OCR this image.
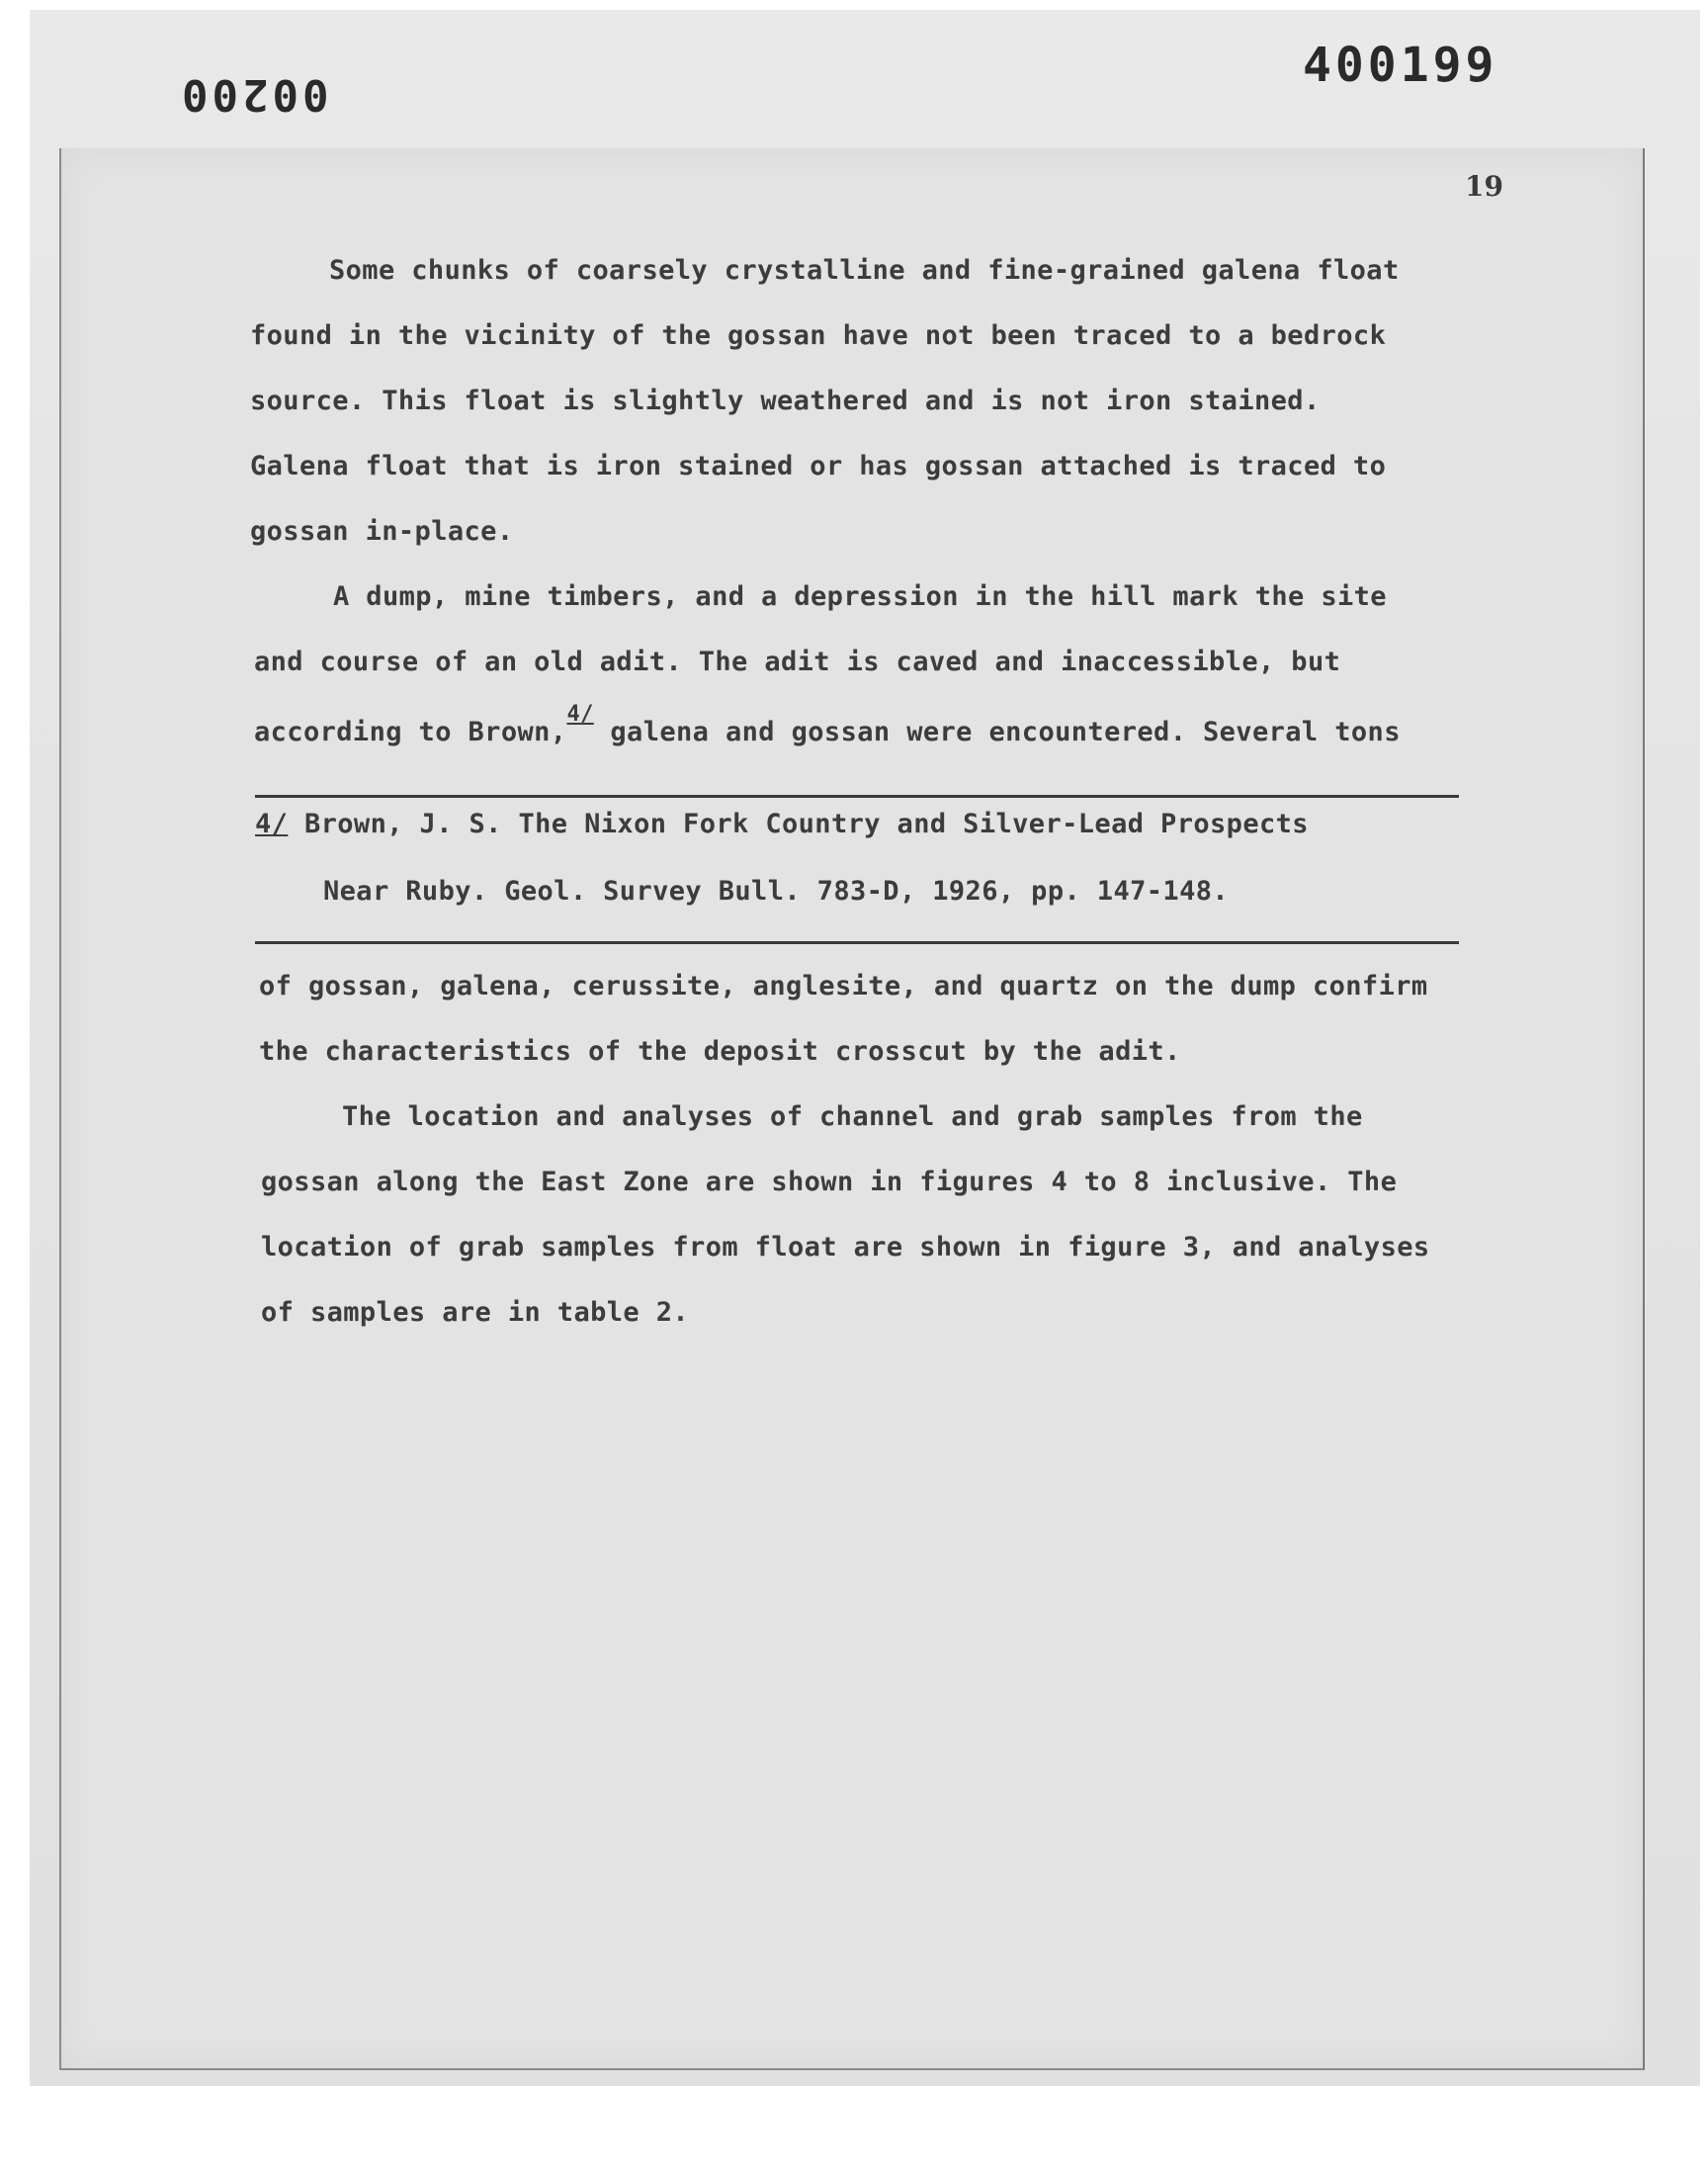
00200
400199
19
Some chunks of coarsely crystalline and fine-grained galena float
found in the vicinity of the gossan have not been traced to a bedrock
source. This float is slightly weathered and is not iron stained.
Galena float that is iron stained or has gossan attached is traced to
gossan in-place.
A dump, mine timbers, and a depression in the hill mark the site
and course of an old adit. The adit is caved and inaccessible, but
according to Brown,$^{4/}$ galena and gossan were encountered. Several tons
4/ Brown, J. S. The Nixon Fork Country and Silver-Lead Prospects
Near Ruby. Geol. Survey Bull. 783-D, 1926, pp. 147-148.
of gossan, galena, cerussite, anglesite, and quartz on the dump confirm
the characteristics of the deposit crosscut by the adit.
The location and analyses of channel and grab samples from the
gossan along the East Zone are shown in figures 4 to 8 inclusive. The
location of grab samples from float are shown in figure 3, and analyses
of samples are in table 2.
